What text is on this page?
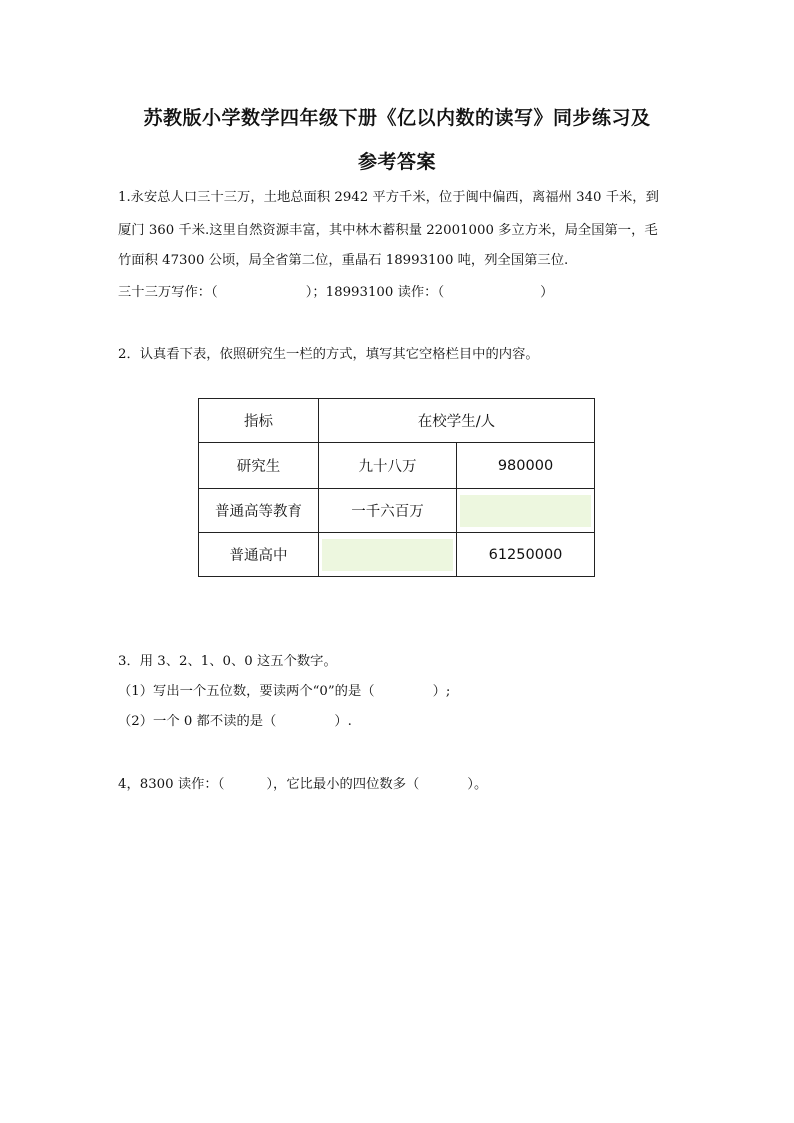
苏教版小学数学四年级下册《亿以内数的读写》同步练习及
参考答案
1.永安总人口三十三万，土地总面积 2942 平方千米，位于闽中偏西，离福州 340 千米，到
厦门 360 千米.这里自然资源丰富，其中林木蓄积量 22001000 多立方米，局全国第一，毛
竹面积 47300 公顷，局全省第二位，重晶石 18993100 吨，列全国第三位.
三十三万写作：（	）；18993100 读作：（	）
2．认真看下表，依照研究生一栏的方式，填写其它空格栏目中的内容。
指标	在校学生/人	
研究生	九十八万	980000
普通高等教育	一千六百万	

普通高中		61250000
3．用 3、2、1、0、0 这五个数字。
（1）写出一个五位数，要读两个“0”的是（	）;
（2）一个 0 都不读的是（	）.
4，8300 读作：（	），它比最小的四位数多（	）。
